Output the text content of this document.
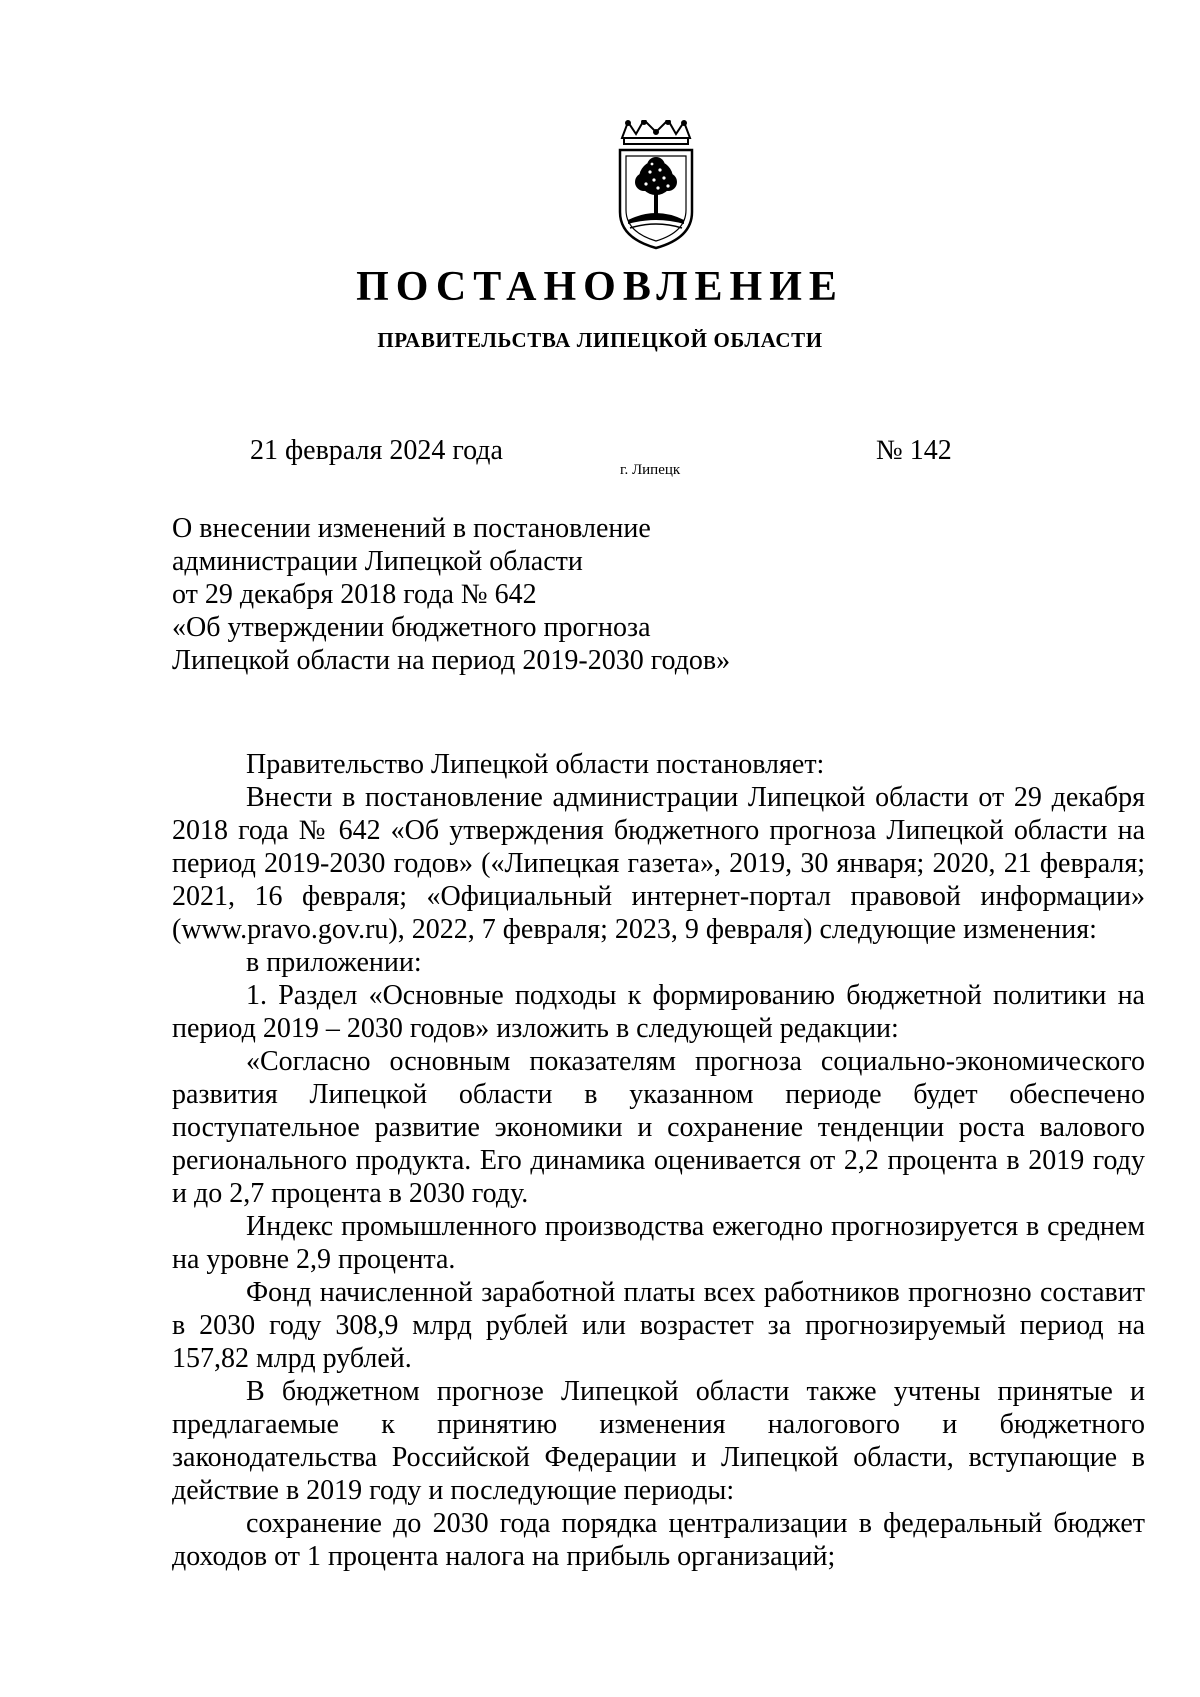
ПОСТАНОВЛЕНИЕ
ПРАВИТЕЛЬСТВА ЛИПЕЦКОЙ ОБЛАСТИ
21 февраля 2024 года
г. Липецк
№ 142
О внесении изменений в постановление
администрации Липецкой области
от 29 декабря 2018 года № 642
«Об утверждении бюджетного прогноза
Липецкой области на период 2019-2030 годов»

Правительство Липецкой области постановляет:

Внести в постановление администрации Липецкой области от 29 декабря 2018 года № 642 «Об утверждения бюджетного прогноза Липецкой области на период 2019-2030 годов» («Липецкая газета», 2019, 30 января; 2020, 21 февраля; 2021, 16 февраля; «Официальный интернет-портал правовой информации» (www.pravo.gov.ru), 2022, 7 февраля; 2023, 9 февраля) следующие изменения:

в приложении:

1. Раздел «Основные подходы к формированию бюджетной политики на период 2019 – 2030 годов» изложить в следующей редакции:

«Согласно основным показателям прогноза социально-экономического развития Липецкой области в указанном периоде будет обеспечено поступательное развитие экономики и сохранение тенденции роста валового регионального продукта. Его динамика оценивается от 2,2 процента в 2019 году и до 2,7 процента в 2030 году.

Индекс промышленного производства ежегодно прогнозируется в среднем на уровне 2,9 процента.

Фонд начисленной заработной платы всех работников прогнозно составит в 2030 году 308,9 млрд рублей или возрастет за прогнозируемый период на 157,82 млрд рублей.

В бюджетном прогнозе Липецкой области также учтены принятые и предлагаемые к принятию изменения налогового и бюджетного законодательства Российской Федерации и Липецкой области, вступающие в действие в 2019 году и последующие периоды:

сохранение до 2030 года порядка централизации в федеральный бюджет доходов от 1 процента налога на прибыль организаций;
